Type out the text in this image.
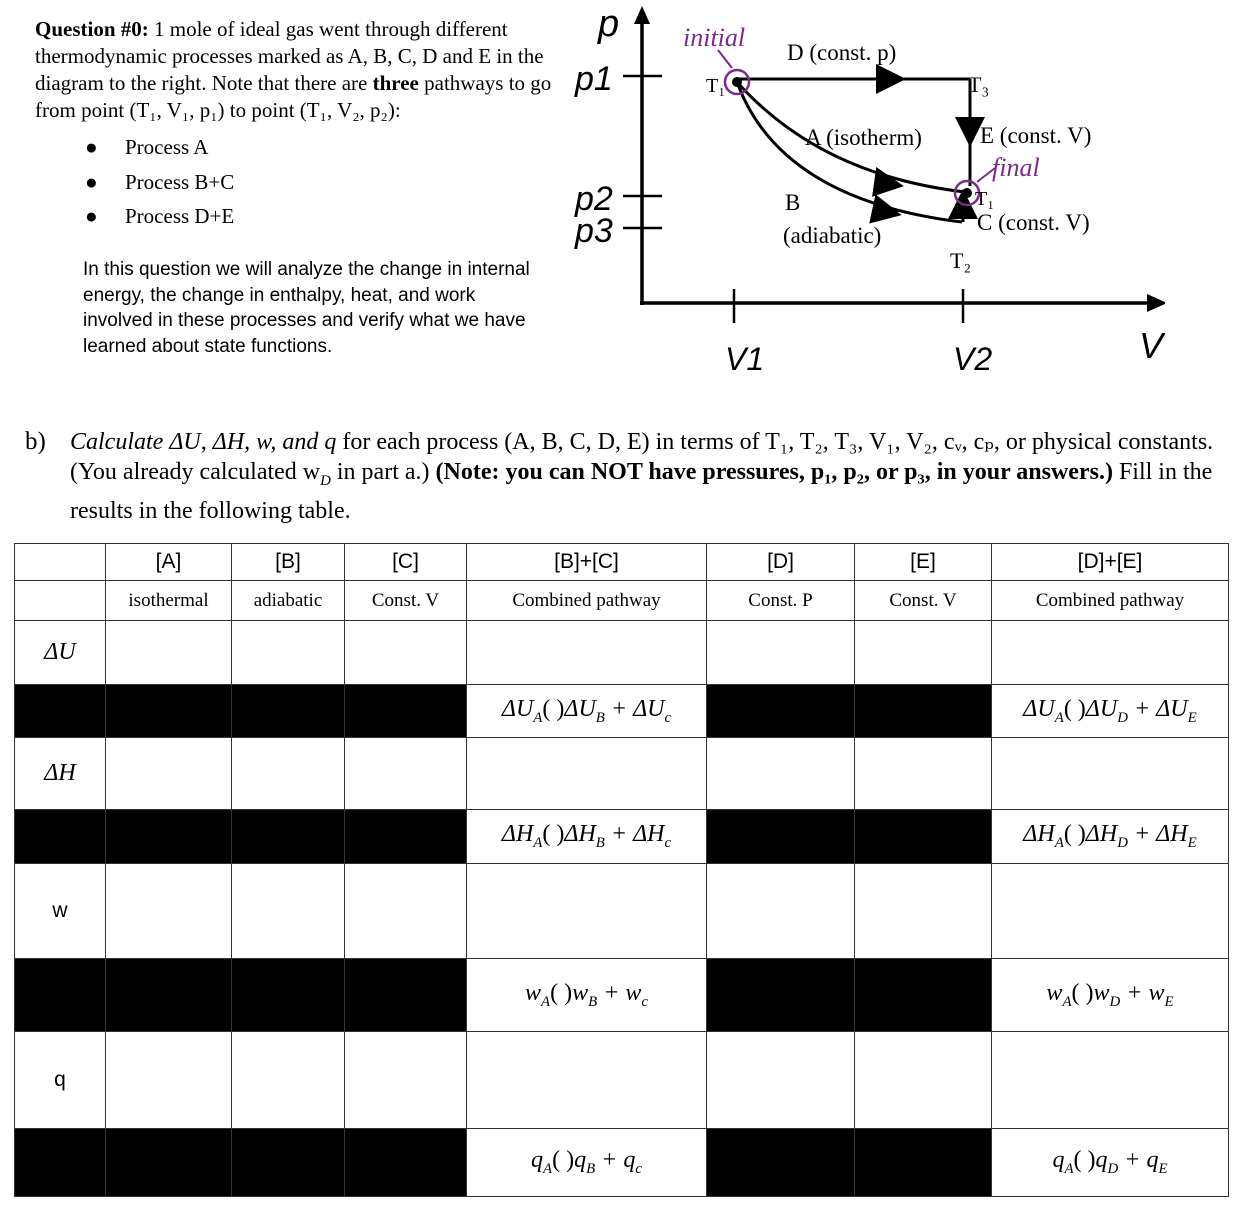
Question #0: 1 mole of ideal gas went through different thermodynamic processes marked as A, B, C, D and E in the diagram to the right. Note that there are three pathways to go from point (T₁, V₁, p₁) to point (T₁, V₂, p₂):
● Process A
● Process B+C
● Process D+E
In this question we will analyze the change in internal energy, the change in enthalpy, heat, and work involved in these processes and verify what we have learned about state functions.
p
V
p1
p2
p3
V1	V2
initial
final
D (const. p)
A (isotherm)	E (const. V)
B
(adiabatic)
C (const. V)
T₁
T₁
T₂
T₃
b) Calculate ΔU, ΔH, w, and q for each process (A, B, C, D, E) in terms of T₁, T₂, T₃, V₁, V₂, cᵥ, cₚ, or physical constants. (You already calculated $w_D$ in part a.) (Note: you can NOT have pressures, p₁, p₂, or p₃, in your answers.) Fill in the results in the following table.
	[A]	[B]	[C]	[B]+[C]	[D]	[E]	[D]+[E]
	isothermal	adiabatic	Const. V	Combined pathway	Const. P	Const. V	Combined pathway
ΔU							
				$\Delta U_A$( )$\Delta U_B + \Delta U_c$			$\Delta U_A$( )$\Delta U_D + \Delta U_E$
ΔH							
				$\Delta H_A$( )$\Delta H_B + \Delta H_c$			$\Delta H_A$( )$\Delta H_D + \Delta H_E$
w							
				$w_A$( )$w_B + w_c$			$w_A$( )$w_D + w_E$
q							
				$q_A$( )$q_B + q_c$			$q_A$( )$q_D + q_E$
